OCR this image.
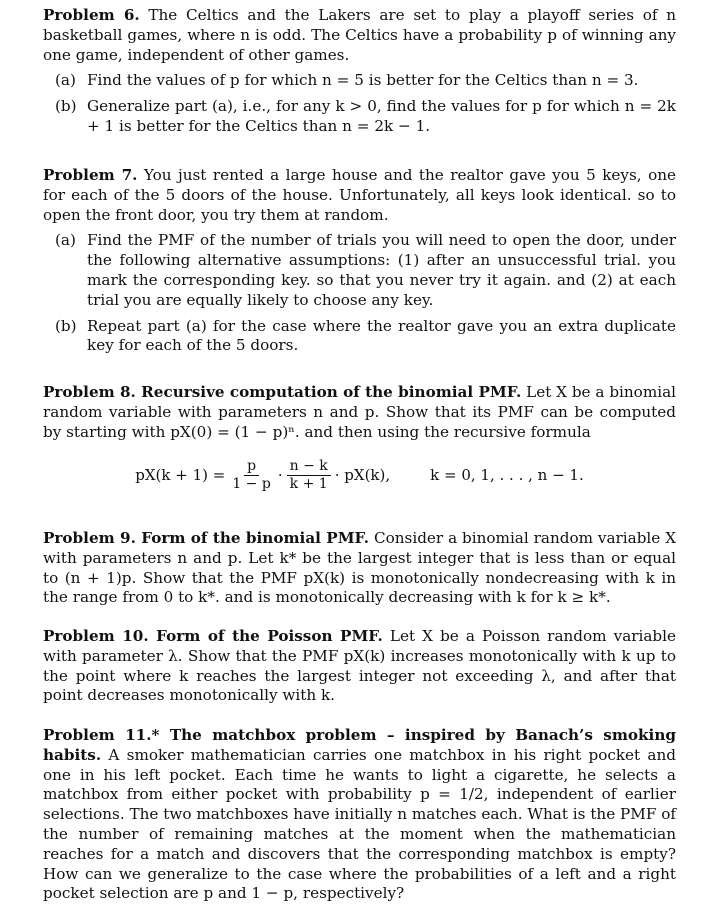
Problem 6. The Celtics and the Lakers are set to play a playoff series of n basketball games, where n is odd. The Celtics have a probability p of winning any one game, independent of other games.

(a) Find the values of p for which n = 5 is better for the Celtics than n = 3.
(b) Generalize part (a), i.e., for any k > 0, find the values for p for which n = 2k + 1 is better for the Celtics than n = 2k − 1.

Problem 7. You just rented a large house and the realtor gave you 5 keys, one for each of the 5 doors of the house. Unfortunately, all keys look identical. so to open the front door, you try them at random.

(a) Find the PMF of the number of trials you will need to open the door, under the following alternative assumptions: (1) after an unsuccessful trial. you mark the corresponding key. so that you never try it again. and (2) at each trial you are equally likely to choose any key.
(b) Repeat part (a) for the case where the realtor gave you an extra duplicate key for each of the 5 doors.

Problem 8. Recursive computation of the binomial PMF. Let X be a binomial random variable with parameters n and p. Show that its PMF can be computed by starting with pX(0) = (1 − p)ⁿ. and then using the recursive formula

$pX(k + 1) = \frac{p}{1 - p} \cdot \frac{n - k}{k + 1} \cdot pX(k)$,	k = 0, 1, . . . , n − 1.

Problem 9. Form of the binomial PMF. Consider a binomial random variable X with parameters n and p. Let k* be the largest integer that is less than or equal to (n + 1)p. Show that the PMF pX(k) is monotonically nondecreasing with k in the range from 0 to k*. and is monotonically decreasing with k for k ≥ k*.

Problem 10. Form of the Poisson PMF. Let X be a Poisson random variable with parameter λ. Show that the PMF pX(k) increases monotonically with k up to the point where k reaches the largest integer not exceeding λ, and after that point decreases monotonically with k.

Problem 11.* The matchbox problem – inspired by Banach’s smoking habits. A smoker mathematician carries one matchbox in his right pocket and one in his left pocket. Each time he wants to light a cigarette, he selects a matchbox from either pocket with probability p = 1/2, independent of earlier selections. The two matchboxes have initially n matches each. What is the PMF of the number of remaining matches at the moment when the mathematician reaches for a match and discovers that the corresponding matchbox is empty? How can we generalize to the case where the probabilities of a left and a right pocket selection are p and 1 − p, respectively?
